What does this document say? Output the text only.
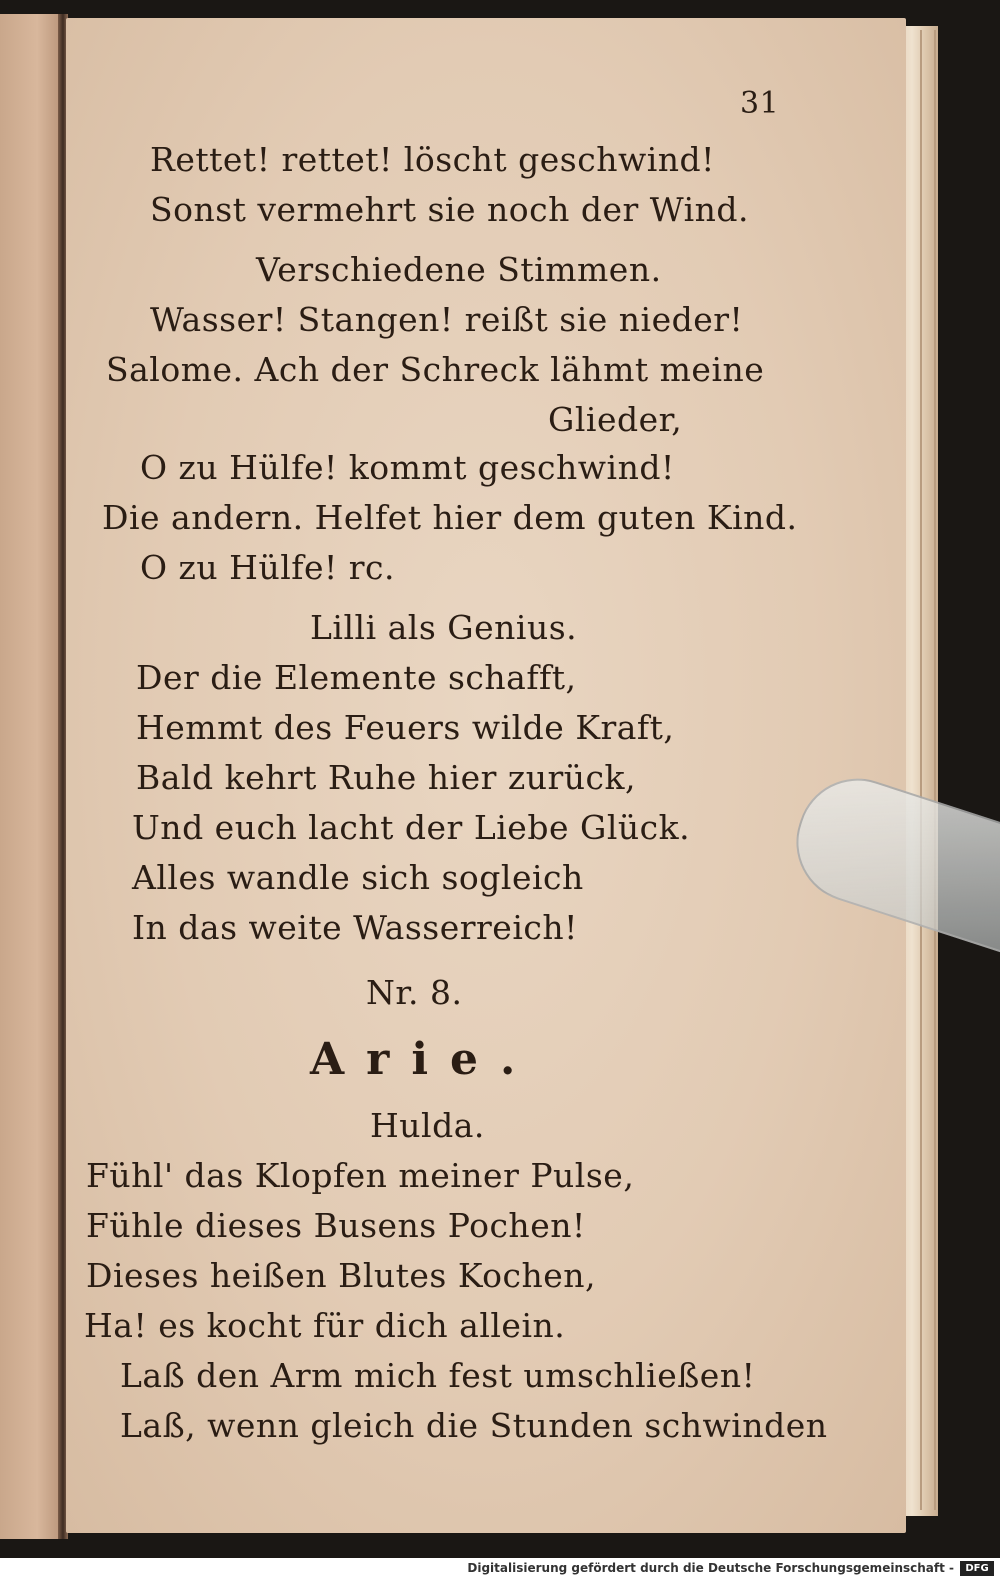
31
Rettet! rettet! löscht geschwind!
Sonst vermehrt sie noch der Wind.
Verschiedene Stimmen.
Wasser! Stangen! reißt sie nieder!
Salome. Ach der Schreck lähmt meine
Glieder,
O zu Hülfe! kommt geschwind!
Die andern. Helfet hier dem guten Kind.
O zu Hülfe! rc.
Lilli als Genius.
Der die Elemente schafft,
Hemmt des Feuers wilde Kraft,
Bald kehrt Ruhe hier zurück,
Und euch lacht der Liebe Glück.
Alles wandle sich sogleich
In das weite Wasserreich!
Nr. 8.
Arie.
Hulda.
Fühl' das Klopfen meiner Pulse,
Fühle dieses Busens Pochen!
Dieses heißen Blutes Kochen,
Ha! es kocht für dich allein.
Laß den Arm mich fest umschließen!
Laß, wenn gleich die Stunden schwinden
Digitalisierung gefördert durch die Deutsche Forschungsgemeinschaft -	DFG
